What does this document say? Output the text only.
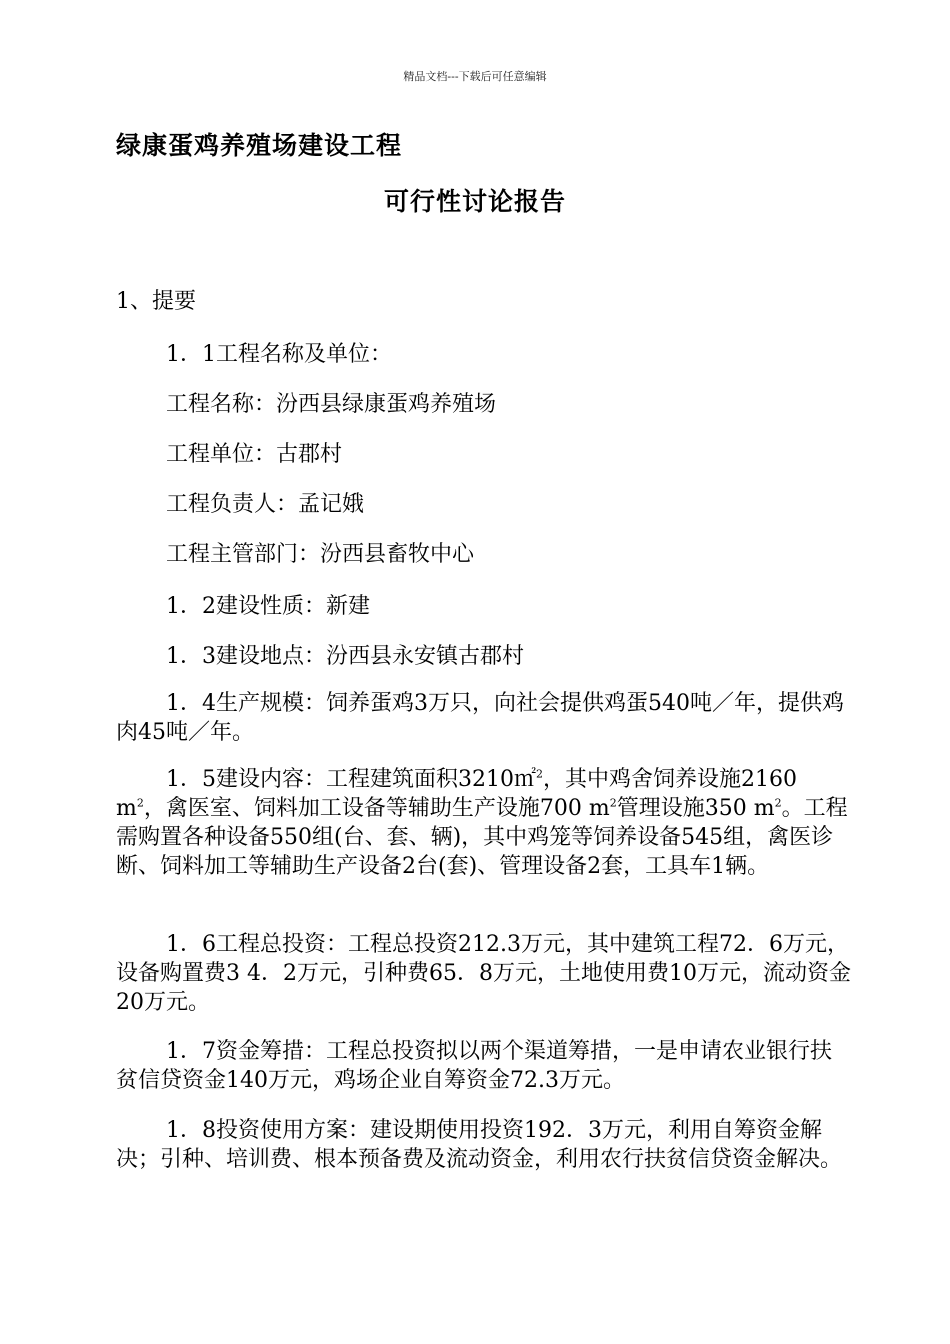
精品文档---下载后可任意编辑
绿康蛋鸡养殖场建设工程
可行性讨论报告
1、提要
1．1工程名称及单位：
工程名称：汾西县绿康蛋鸡养殖场
工程单位：古郡村
工程负责人：孟记娥
工程主管部门：汾西县畜牧中心
1．2建设性质：新建
1．3建设地点：汾西县永安镇古郡村
1．4生产规模：饲养蛋鸡3万只，向社会提供鸡蛋540吨／年，提供鸡肉45吨／年。
1．5建设内容：工程建筑面积3210㎡$^2$，其中鸡舍饲养设施2160 $m^2$，禽医室、饲料加工设备等辅助生产设施700 $m^2$管理设施350 $m^2$。工程需购置各种设备550组(台、套、辆)，其中鸡笼等饲养设备545组，禽医诊断、饲料加工等辅助生产设备2台(套)、管理设备2套，工具车1辆。
1．6工程总投资：工程总投资212.3万元，其中建筑工程72．6万元，设备购置费3 4．2万元，引种费65．8万元，土地使用费10万元，流动资金20万元。
1．7资金筹措：工程总投资拟以两个渠道筹措，一是申请农业银行扶贫信贷资金140万元，鸡场企业自筹资金72.3万元。
1．8投资使用方案：建设期使用投资192．3万元，利用自筹资金解决；引种、培训费、根本预备费及流动资金，利用农行扶贫信贷资金解决。
